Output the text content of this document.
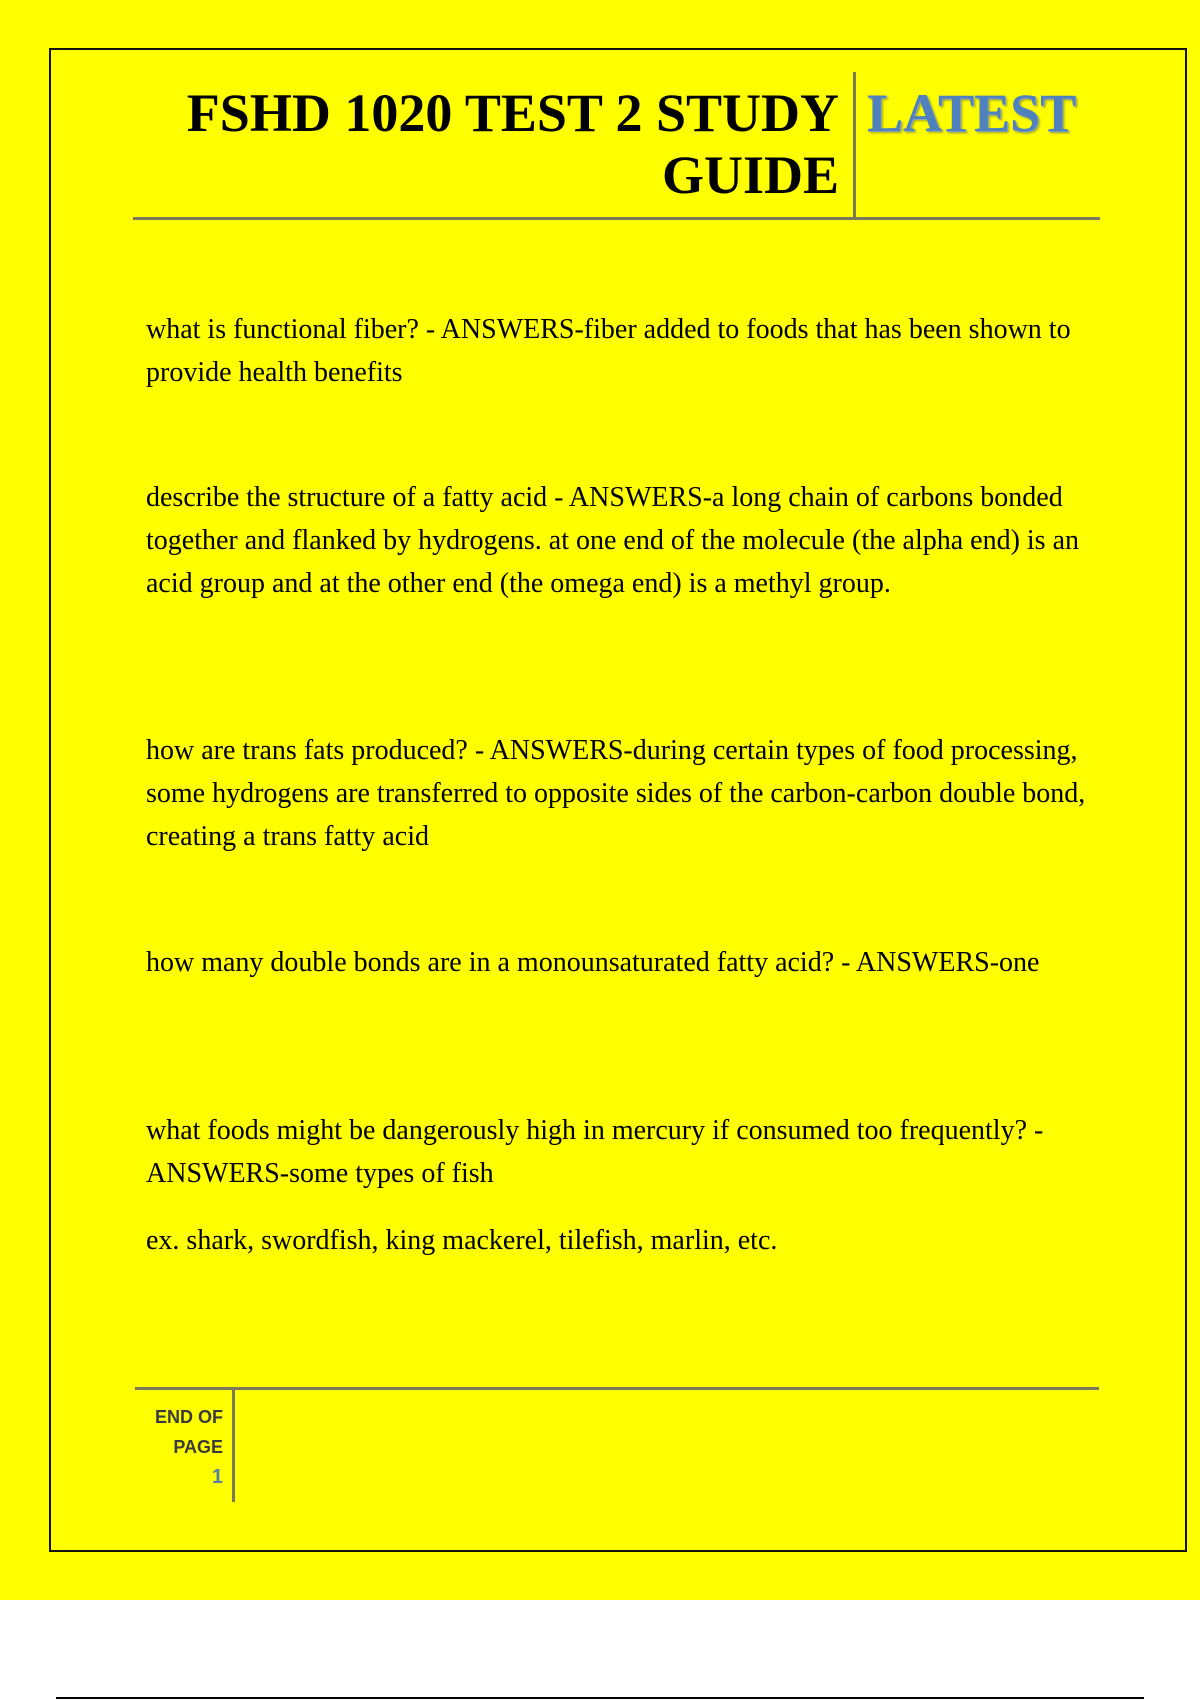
FSHD 1020 TEST 2 STUDY
GUIDE
LATEST

what is functional fiber? - ANSWERS-fiber added to foods that has been shown to provide health benefits

describe the structure of a fatty acid - ANSWERS-a long chain of carbons bonded together and flanked by hydrogens. at one end of the molecule (the alpha end) is an acid group and at the other end (the omega end) is a methyl group.

how are trans fats produced? - ANSWERS-during certain types of food processing, some hydrogens are transferred to opposite sides of the carbon-carbon double bond, creating a trans fatty acid

how many double bonds are in a monounsaturated fatty acid? - ANSWERS-one

what foods might be dangerously high in mercury if consumed too frequently? - ANSWERS-some types of fish

ex. shark, swordfish, king mackerel, tilefish, marlin, etc.

END OF
PAGE
1
